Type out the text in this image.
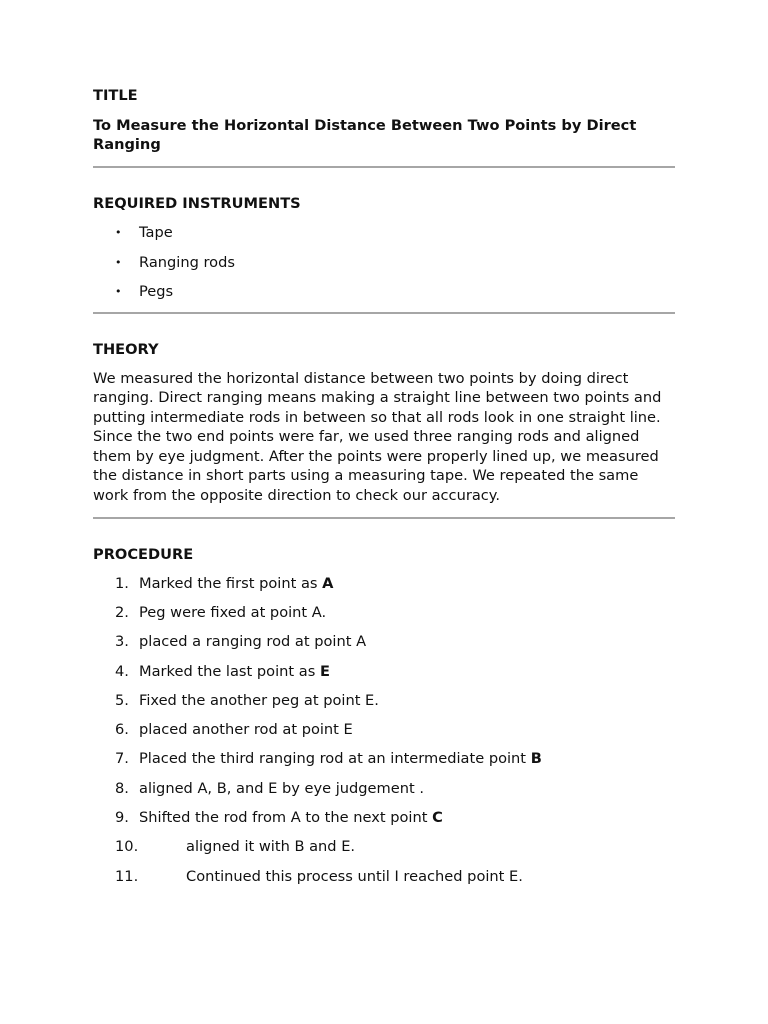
TITLE

To Measure the Horizontal Distance Between Two Points by Direct Ranging

REQUIRED INSTRUMENTS

• Tape
• Ranging rods
• Pegs

THEORY

We measured the horizontal distance between two points by doing direct ranging. Direct ranging means making a straight line between two points and putting intermediate rods in between so that all rods look in one straight line. Since the two end points were far, we used three ranging rods and aligned them by eye judgment. After the points were properly lined up, we measured the distance in short parts using a measuring tape. We repeated the same work from the opposite direction to check our accuracy.

PROCEDURE

1. Marked the first point as A
2. Peg were fixed at point A.
3. placed a ranging rod at point A
4. Marked the last point as E
5. Fixed the another peg at point E.
6. placed another rod at point E
7. Placed the third ranging rod at an intermediate point B
8. aligned A, B, and E by eye judgement .
9. Shifted the rod from A to the next point C
10.	aligned it with B and E.
11.	Continued this process until I reached point E.
